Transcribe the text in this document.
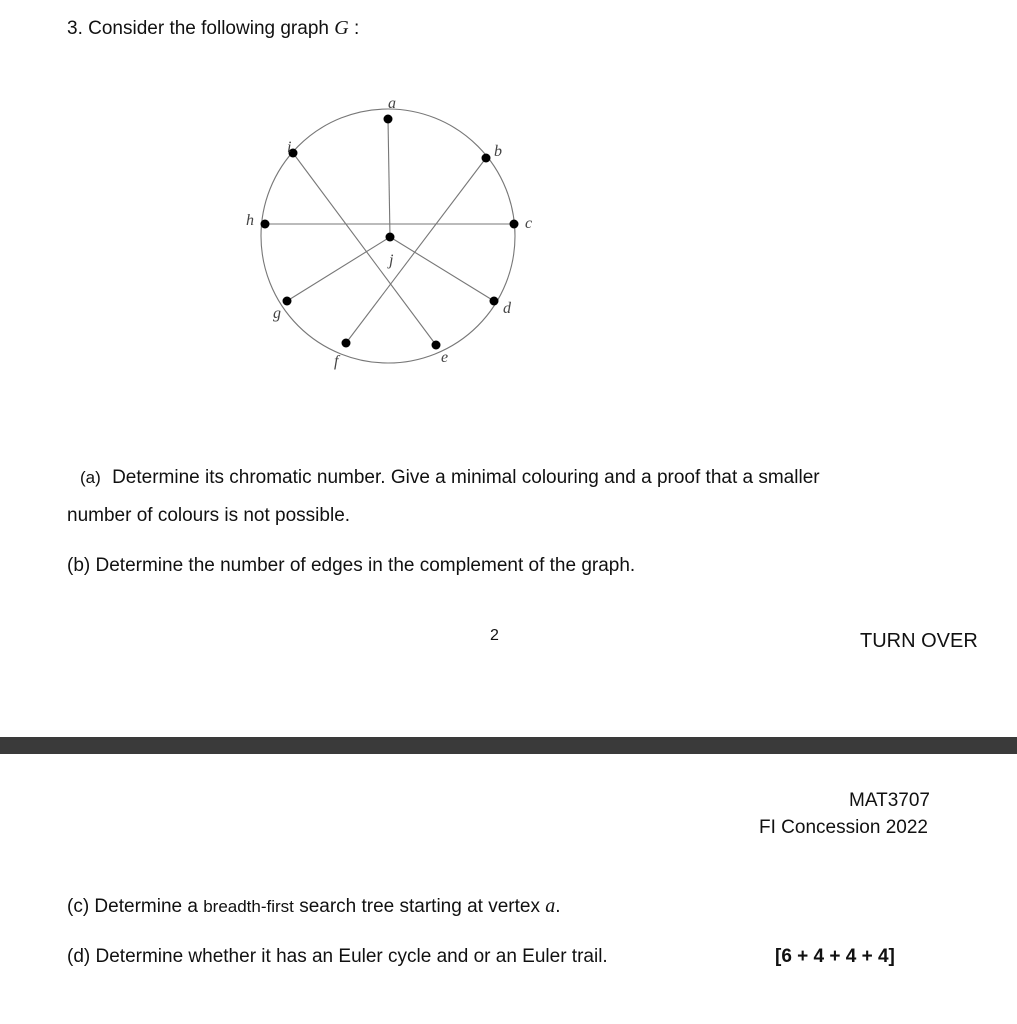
3. Consider the following graph G :
a
b
c
d
e
f
g
h
i
j
(a) Determine its chromatic number. Give a minimal colouring and a proof that a smaller
number of colours is not possible.
(b) Determine the number of edges in the complement of the graph.
2	TURN OVER
MAT3707
FI Concession 2022
(c) Determine a breadth-first search tree starting at vertex a.
(d) Determine whether it has an Euler cycle and or an Euler trail.	[6 + 4 + 4 + 4]
